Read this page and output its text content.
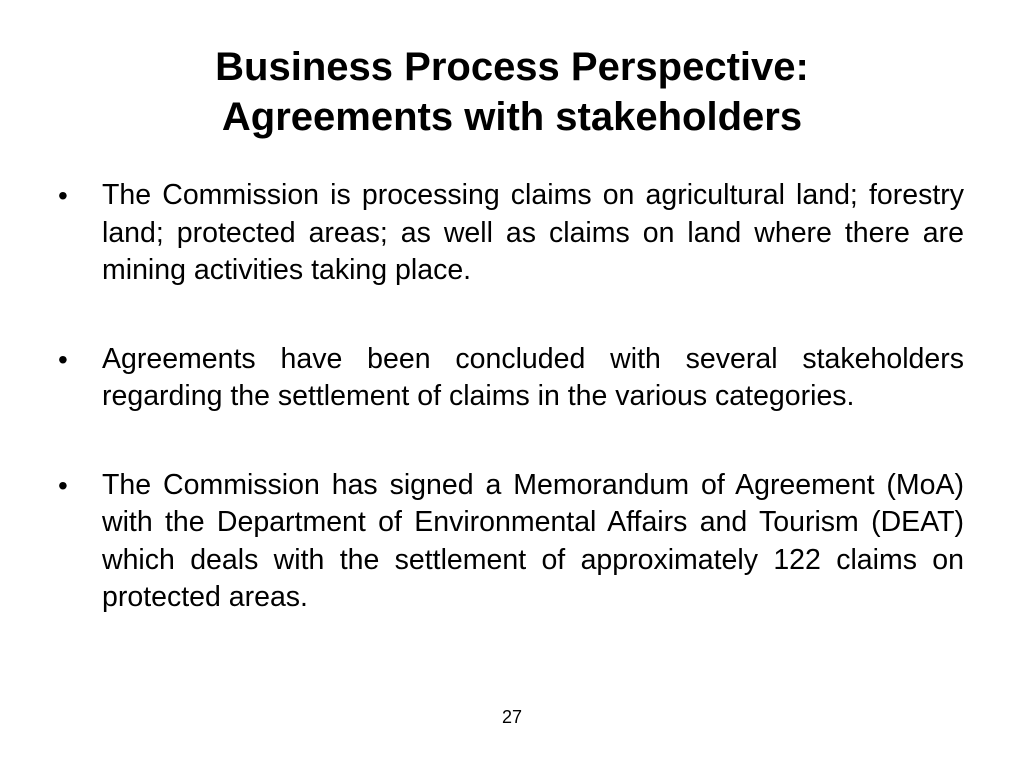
Business Process Perspective:
Agreements with stakeholders
• The Commission is processing claims on agricultural land; forestry land; protected areas; as well as claims on land where there are mining activities taking place.
• Agreements have been concluded with several stakeholders regarding the settlement of claims in the various categories.
• The Commission has signed a Memorandum of Agreement (MoA) with the Department of Environmental Affairs and Tourism (DEAT) which deals with the settlement of approximately 122 claims on protected areas.
27
